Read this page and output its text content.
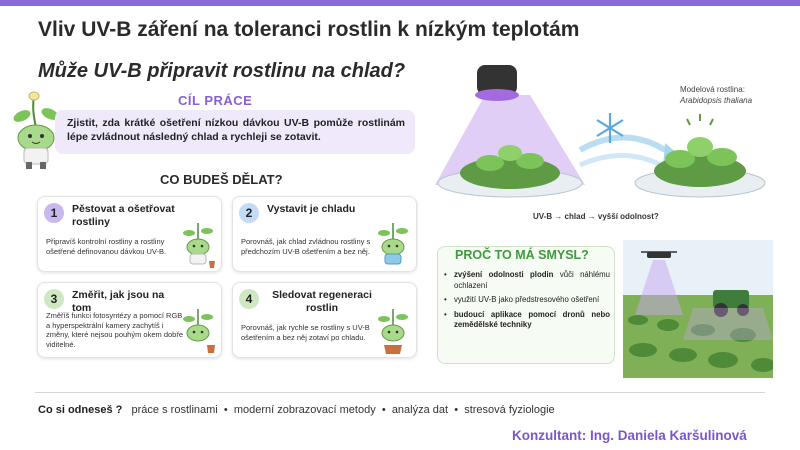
Vliv UV-B záření na toleranci rostlin k nízkým teplotám
Může UV-B připravit rostlinu na chlad?
CÍL PRÁCE
Zjistit, zda krátké ošetření nízkou dávkou UV-B pomůže rostlinám lépe zvládnout následný chlad a rychleji se zotavit.
CO BUDEŠ DĚLAT?
1	Pěstovat a ošetřovat rostliny
Připravíš kontrolní rostliny a rostliny ošetřené definovanou dávkou UV-B.
2	Vystavit je chladu
Porovnáš, jak chlad zvládnou rostliny s předchozím UV-B ošetřením a bez něj.
3	Změřit, jak jsou na tom
Změříš funkci fotosyntézy a pomocí RGB a hyperspektrální kamery zachytíš i změny, které nejsou pouhým okem dobře viditelné.
4	Sledovat regeneraci rostlin
Porovnáš, jak rychle se rostliny s UV-B ošetřením a bez něj zotaví po chladu.
Modelová rostlina:
Arabidopsis thaliana
UV-B → chlad → vyšší odolnost?
PROČ TO MÁ SMYSL?
• zvýšení odolnosti plodin vůči náhlému ochlazení
• využití UV-B jako předstresového ošetření
• budoucí aplikace pomocí dronů nebo zemědělské techniky
Co si odneseš ? práce s rostlinami • moderní zobrazovací metody • analýza dat • stresová fyziologie
Konzultant: Ing. Daniela Karšulinová
